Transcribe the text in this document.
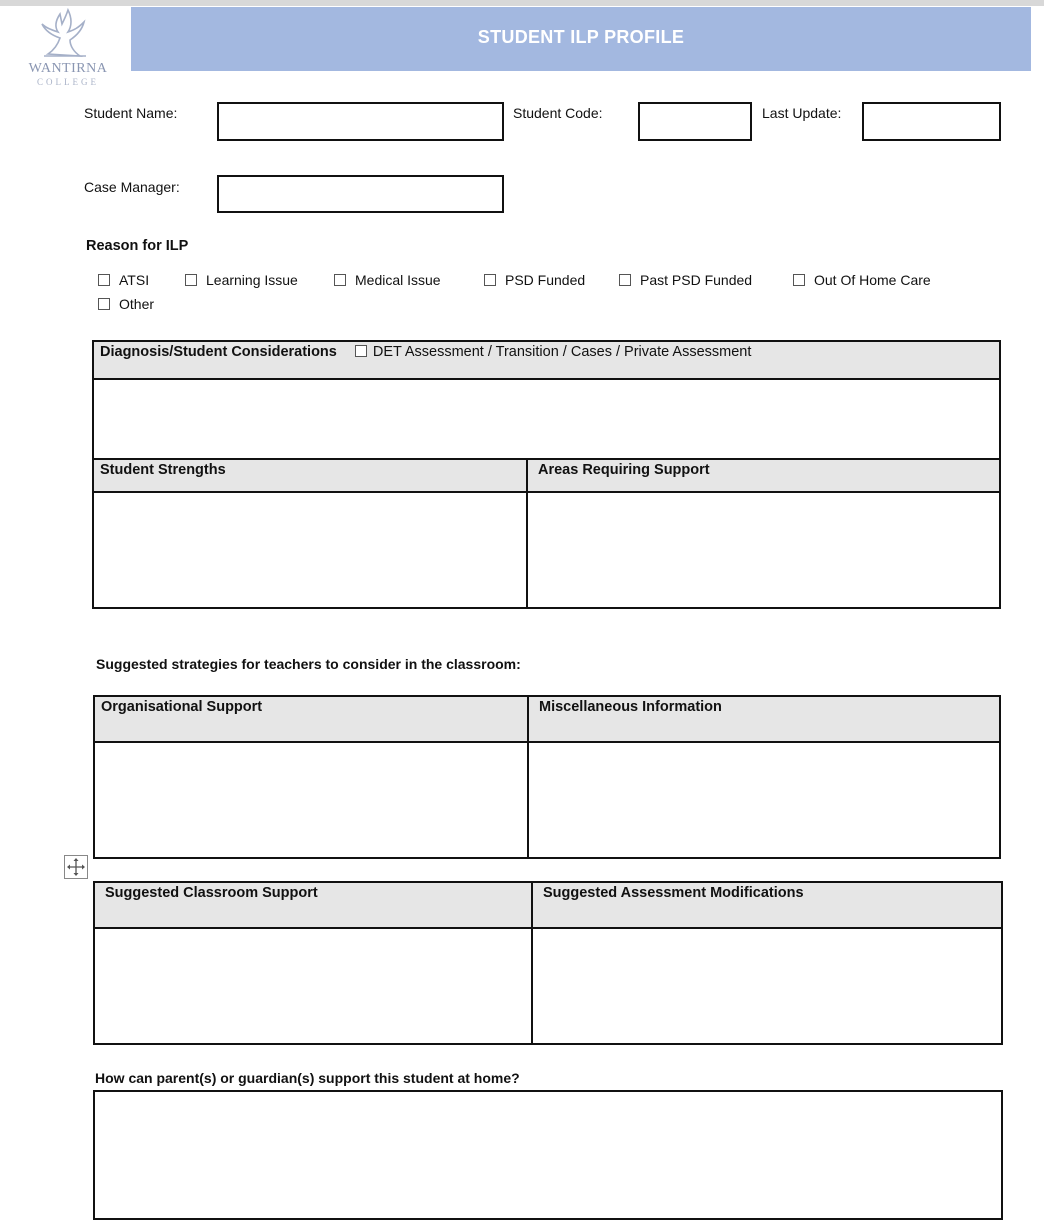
WANTIRNA
COLLEGE
STUDENT ILP PROFILE
Student Name:	Student Code:	Last Update:
Case Manager:
Reason for ILP
ATSI	Learning Issue	Medical Issue	PSD Funded	Past PSD Funded	Out Of Home Care
Other
Diagnosis/Student Considerations DET Assessment / Transition / Cases / Private Assessment	

Student Strengths	Areas Requiring Support

Suggested strategies for teachers to consider in the classroom:
Organisational Support	Miscellaneous Information

Suggested Classroom Support	Suggested Assessment Modifications

How can parent(s) or guardian(s) support this student at home?
